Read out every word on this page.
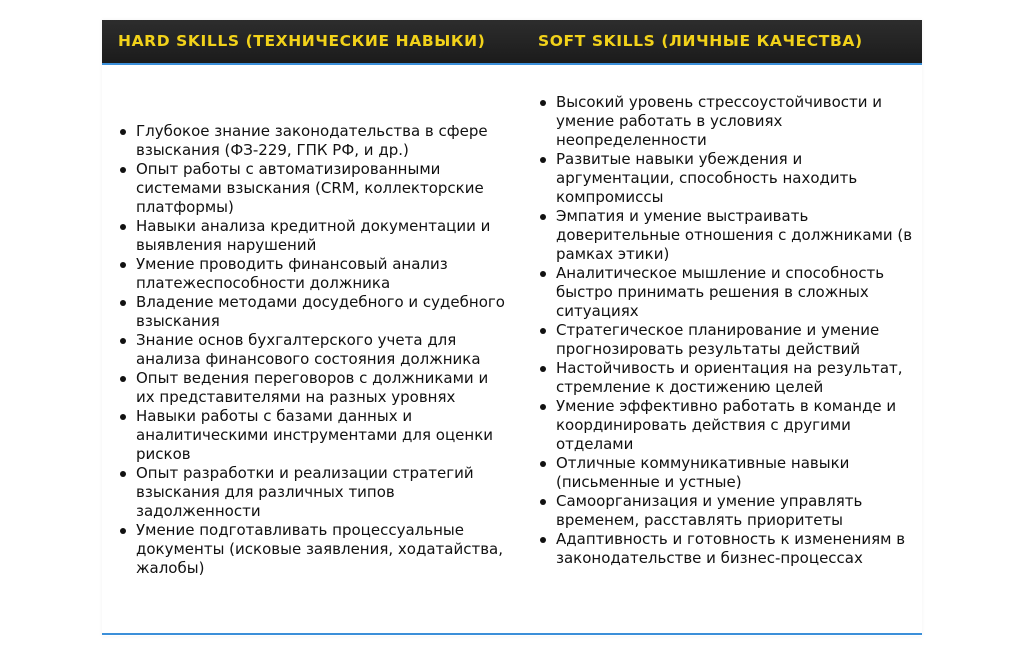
HARD SKILLS (ТЕХНИЧЕСКИЕ НАВЫКИ)	SOFT SKILLS (ЛИЧНЫЕ КАЧЕСТВА)
Глубокое знание законодательства в сфере взыскания (ФЗ-229, ГПК РФ, и др.)
Опыт работы с автоматизированными системами взыскания (CRM, коллекторские платформы)
Навыки анализа кредитной документации и выявления нарушений
Умение проводить финансовый анализ платежеспособности должника
Владение методами досудебного и судебного взыскания
Знание основ бухгалтерского учета для анализа финансового состояния должника
Опыт ведения переговоров с должниками и их представителями на разных уровнях
Навыки работы с базами данных и аналитическими инструментами для оценки рисков
Опыт разработки и реализации стратегий взыскания для различных типов задолженности
Умение подготавливать процессуальные документы (исковые заявления, ходатайства, жалобы)
Высокий уровень стрессоустойчивости и умение работать в условиях неопределенности
Развитые навыки убеждения и аргументации, способность находить компромиссы
Эмпатия и умение выстраивать доверительные отношения с должниками (в рамках этики)
Аналитическое мышление и способность быстро принимать решения в сложных ситуациях
Стратегическое планирование и умение прогнозировать результаты действий
Настойчивость и ориентация на результат, стремление к достижению целей
Умение эффективно работать в команде и координировать действия с другими отделами
Отличные коммуникативные навыки (письменные и устные)
Самоорганизация и умение управлять временем, расставлять приоритеты
Адаптивность и готовность к изменениям в законодательстве и бизнес-процессах
